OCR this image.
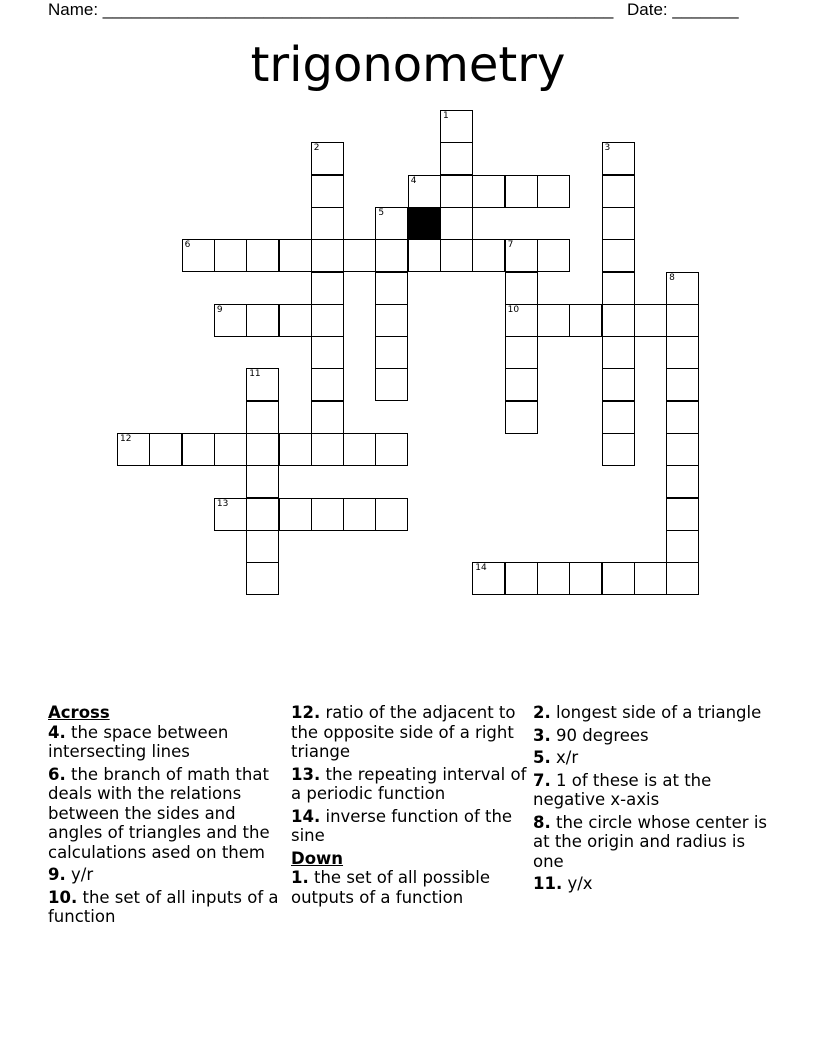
Name: ______________________________________________________ Date: _______
trigonometry
1
2	3
4
5
6	7
8
9	10
11
12
13
14
Across
4. the space between intersecting lines
6. the branch of math that deals with the relations between the sides and angles of triangles and the calculations ased on them
9. y/r
10. the set of all inputs of a function
12. ratio of the adjacent to the opposite side of a right triange
13. the repeating interval of a periodic function
14. inverse function of the sine
Down
1. the set of all possible outputs of a function
2. longest side of a triangle
3. 90 degrees
5. x/r
7. 1 of these is at the negative x-axis
8. the circle whose center is at the origin and radius is one
11. y/x
